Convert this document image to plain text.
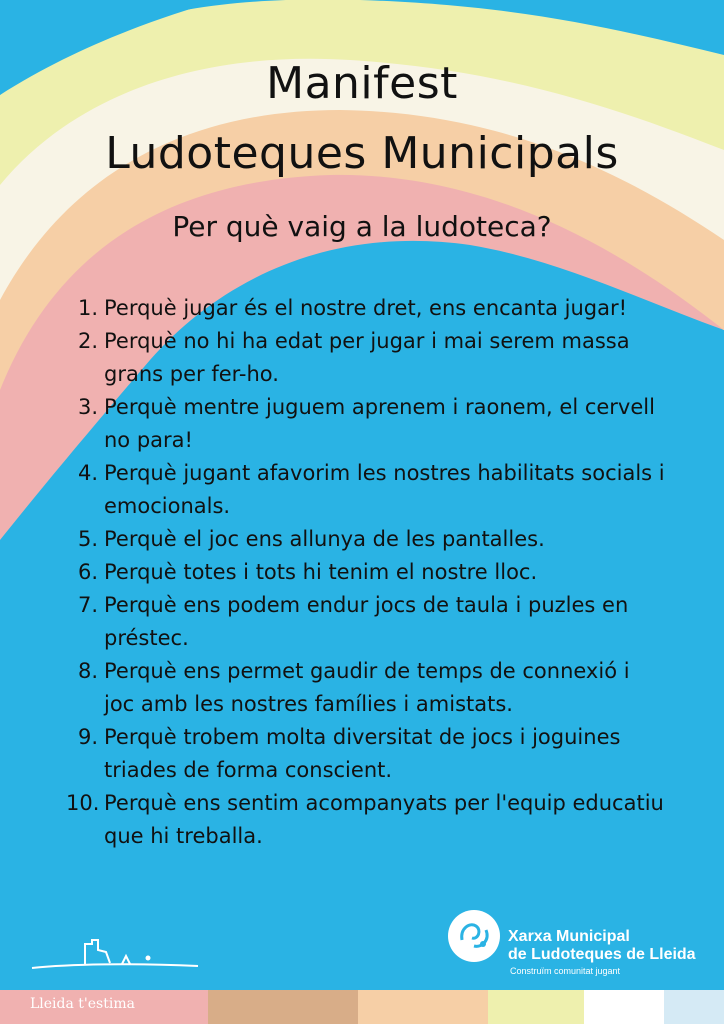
Manifest
Ludoteques Municipals
Per què vaig a la ludoteca?
1. Perquè jugar és el nostre dret, ens encanta jugar!
2. Perquè no hi ha edat per jugar i mai serem massa grans per fer-ho.
3. Perquè mentre juguem aprenem i raonem, el cervell no para!
4. Perquè jugant afavorim les nostres habilitats socials i emocionals.
5. Perquè el joc ens allunya de les pantalles.
6. Perquè totes i tots hi tenim el nostre lloc.
7. Perquè ens podem endur jocs de taula i puzles en préstec.
8. Perquè ens permet gaudir de temps de connexió i joc amb les nostres famílies i amistats.
9. Perquè trobem molta diversitat de jocs i joguines triades de forma conscient.
10. Perquè ens sentim acompanyats per l'equip educatiu que hi treballa.
Xarxa Municipal
de Ludoteques de Lleida
Construïm comunitat jugant
Lleida t'estima
